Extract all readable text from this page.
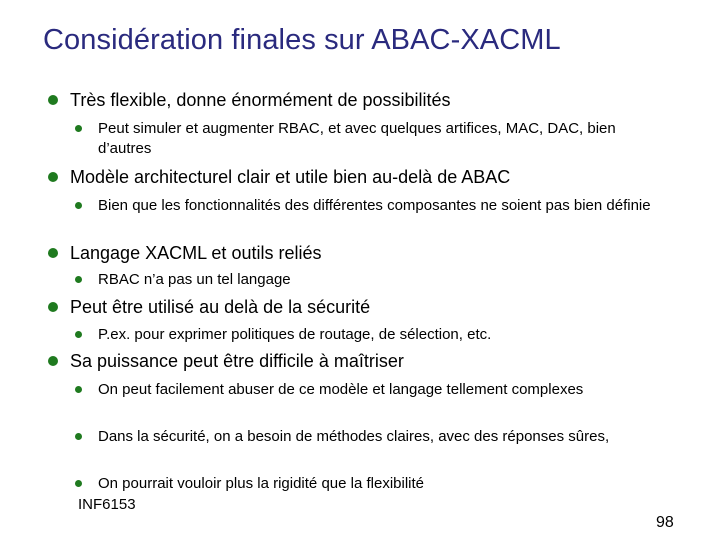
Considération finales sur ABAC-XACML
Très flexible, donne énormément de possibilités
Peut simuler et augmenter RBAC, et avec quelques artifices, MAC, DAC, bien d’autres
Modèle architecturel clair et utile bien au-delà de ABAC
Bien que les fonctionnalités des différentes composantes ne soient pas bien définie
Langage XACML et outils reliés
RBAC n’a pas un tel langage
Peut être utilisé au delà de la sécurité
P.ex. pour exprimer politiques de routage, de sélection, etc.
Sa puissance peut être difficile à maîtriser
On peut facilement abuser de ce modèle et langage tellement complexes
Dans la sécurité, on a besoin de méthodes claires, avec des réponses sûres,
On pourrait vouloir plus la rigidité que la flexibilité
INF6153
98
